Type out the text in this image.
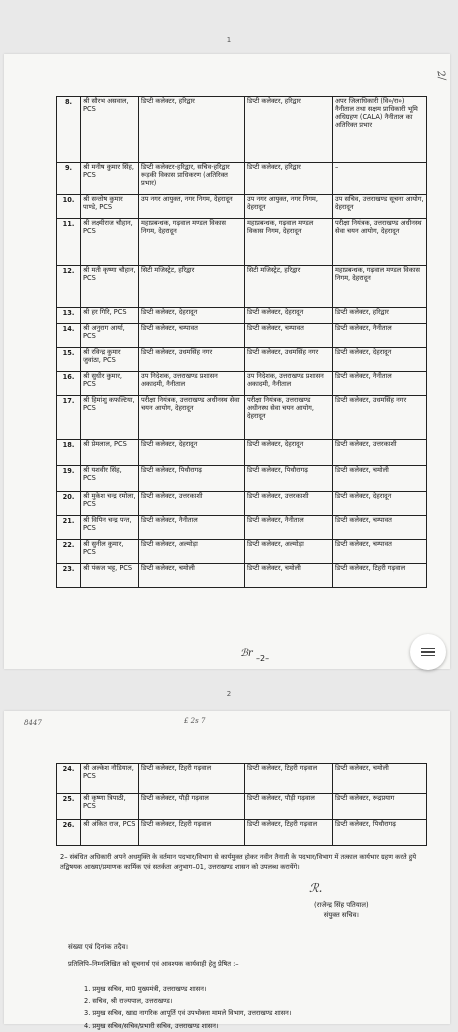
1
2/
8.	श्री सौरभ असवाल, PCS	डिप्टी कलेक्टर, हरिद्वार	डिप्टी कलेक्टर, हरिद्वार	अपर जिलाधिकारी (वि०/रा०) नैनीताल तथा सक्षम प्राधिकारी भूमि अधिग्रहण (CALA) नैनीताल का अतिरिक्त प्रभार
9.	श्री मनीष कुमार सिंह, PCS	डिप्टी कलेक्टर-हरिद्वार, सचिव-हरिद्वार रूड़की विकास प्राधिकरण (अतिरिक्त प्रभार)	डिप्टी कलेक्टर, हरिद्वार	–
10.	श्री सन्तोष कुमार पाण्डे, PCS	उप नगर आयुक्त, नगर निगम, देहरादून	उप नगर आयुक्त, नगर निगम, देहरादून	उप सचिव, उत्तराखण्ड सूचना आयोग, देहरादून
11.	श्री लक्ष्मीराज चौहान, PCS	महाप्रबन्धक, गढ़वाल मण्डल विकास निगम, देहरादून	महाप्रबन्धक, गढ़वाल मण्डल विकास निगम, देहरादून	परीक्षा नियंत्रक, उत्तराखण्ड अधीनस्थ सेवा चयन आयोग, देहरादून
12.	श्री मती कृष्णा चौहान, PCS	सिटी मजिस्ट्रेट, हरिद्वार	सिटी मजिस्ट्रेट, हरिद्वार	महाप्रबन्धक, गढ़वाल मण्डल विकास निगम, देहरादून
13.	श्री हर गिरि, PCS	डिप्टी कलेक्टर, देहरादून	डिप्टी कलेक्टर, देहरादून	डिप्टी कलेक्टर, हरिद्वार
14.	श्री अनुराग आर्या, PCS	डिप्टी कलेक्टर, चम्पावत	डिप्टी कलेक्टर, चम्पावत	डिप्टी कलेक्टर, नैनीताल
15.	श्री रविन्द्र कुमार जुवांठा, PCS	डिप्टी कलेक्टर, उधमसिंह नगर	डिप्टी कलेक्टर, उधमसिंह नगर	डिप्टी कलेक्टर, देहरादून
16.	श्री सुधीर कुमार, PCS	उप निदेशक, उत्तराखण्ड प्रशासन अकादमी, नैनीताल	उप निदेशक, उत्तराखण्ड प्रशासन अकादमी, नैनीताल	डिप्टी कलेक्टर, नैनीताल
17.	श्री हिमांशु कफल्टिया, PCS	परीक्षा नियंत्रक, उत्तराखण्ड अधीनस्थ सेवा चयन आयोग, देहरादून	परीक्षा नियंत्रक, उत्तराखण्ड अधीनस्थ सेवा चयन आयोग, देहरादून	डिप्टी कलेक्टर, उधमसिंह नगर
18.	श्री प्रेमलाल, PCS	डिप्टी कलेक्टर, देहरादून	डिप्टी कलेक्टर, देहरादून	डिप्टी कलेक्टर, उत्तरकाशी
19.	श्री यशवीर सिंह, PCS	डिप्टी कलेक्टर, पिथौरागढ़	डिप्टी कलेक्टर, पिथौरागढ़	डिप्टी कलेक्टर, चमोली
20.	श्री मुकेश चन्द्र रमोला, PCS	डिप्टी कलेक्टर, उत्तरकाशी	डिप्टी कलेक्टर, उत्तरकाशी	डिप्टी कलेक्टर, देहरादून
21.	श्री विपिन चन्द्र पन्त, PCS	डिप्टी कलेक्टर, नैनीताल	डिप्टी कलेक्टर, नैनीताल	डिप्टी कलेक्टर, चम्पावत
22.	श्री सुनील कुमार, PCS	डिप्टी कलेक्टर, अल्मोड़ा	डिप्टी कलेक्टर, अल्मोड़ा	डिप्टी कलेक्टर, चम्पावत
23.	श्री पंकज भट्ट, PCS	डिप्टी कलेक्टर, चमोली	डिप्टी कलेक्टर, चमोली	डिप्टी कलेक्टर, टिहरी गढ़वाल
ℬr –2–
2
8447	£ 2s 7
24.	श्री अल्केश नौडियाल, PCS	डिप्टी कलेक्टर, टिहरी गढ़वाल	डिप्टी कलेक्टर, टिहरी गढ़वाल	डिप्टी कलेक्टर, चमोली
25.	श्री कृष्णा त्रिपाठी, PCS	डिप्टी कलेक्टर, पौड़ी गढ़वाल	डिप्टी कलेक्टर, पौड़ी गढ़वाल	डिप्टी कलेक्टर, रूद्रप्रयाग
26.	श्री अंकित राज, PCS	डिप्टी कलेक्टर, टिहरी गढ़वाल	डिप्टी कलेक्टर, टिहरी गढ़वाल	डिप्टी कलेक्टर, पिथौरागढ़
2– संबंधित अधिकारी अपने अधमुक्ति के वर्तमान पदभार/विभाग से कार्यमुक्त होकर नवीन तैनाती के पदभार/विभाग में तत्काल कार्यभार ग्रहण करते हुये तद्विषयक आख्या/प्रमाणक कार्मिक एवं सतर्कता अनुभाग–01, उत्तराखण्ड शासन को उपलब्ध करायेंगे।
ℛ.
(राजेन्द्र सिंह पतियाल)
संयुक्त सचिव।
संख्या एवं दिनांक तदैव।
प्रतिलिपि–निम्नलिखित को सूचनार्थ एवं आवश्यक कार्यवाही हेतु प्रेषित :–
1. प्रमुख सचिव, मा0 मुख्यमंत्री, उत्तराखण्ड शासन।
2. सचिव, श्री राज्यपाल, उत्तराखण्ड।
3. प्रमुख सचिव, खाद्य नागरिक आपूर्ति एवं उपभोक्ता मामले विभाग, उत्तराखण्ड शासन।
4. प्रमुख सचिव/सचिव/प्रभारी सचिव, उत्तराखण्ड शासन।
